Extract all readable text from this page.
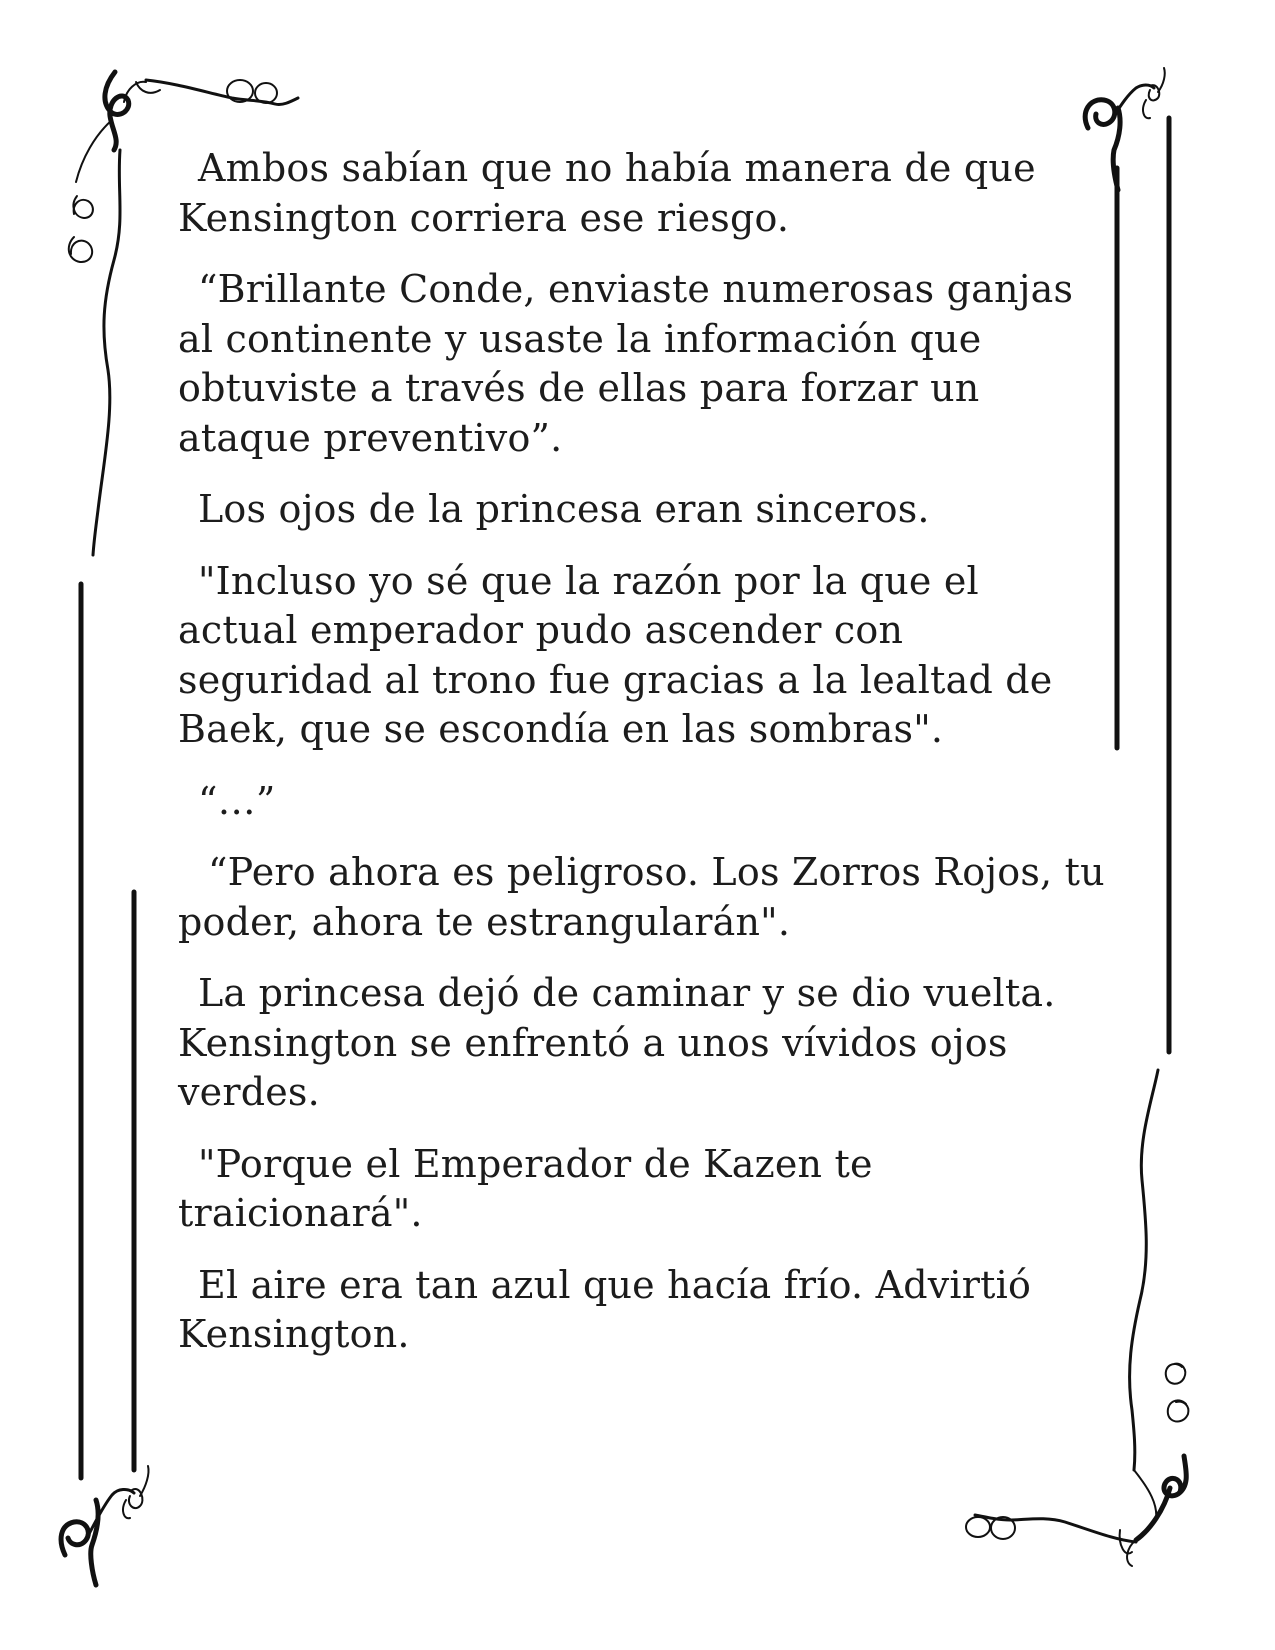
Ambos sabían que no había manera de que Kensington corriera ese riesgo.

“Brillante Conde, enviaste numerosas ganjas al continente y usaste la información que obtuviste a través de ellas para forzar un ataque preventivo”.

Los ojos de la princesa eran sinceros.

"Incluso yo sé que la razón por la que el actual emperador pudo ascender con seguridad al trono fue gracias a la lealtad de Baek, que se escondía en las sombras".

“…”

“Pero ahora es peligroso. Los Zorros Rojos, tu poder, ahora te estrangularán".

La princesa dejó de caminar y se dio vuelta. Kensington se enfrentó a unos vívidos ojos verdes.

"Porque el Emperador de Kazen te traicionará".

El aire era tan azul que hacía frío. Advirtió Kensington.
